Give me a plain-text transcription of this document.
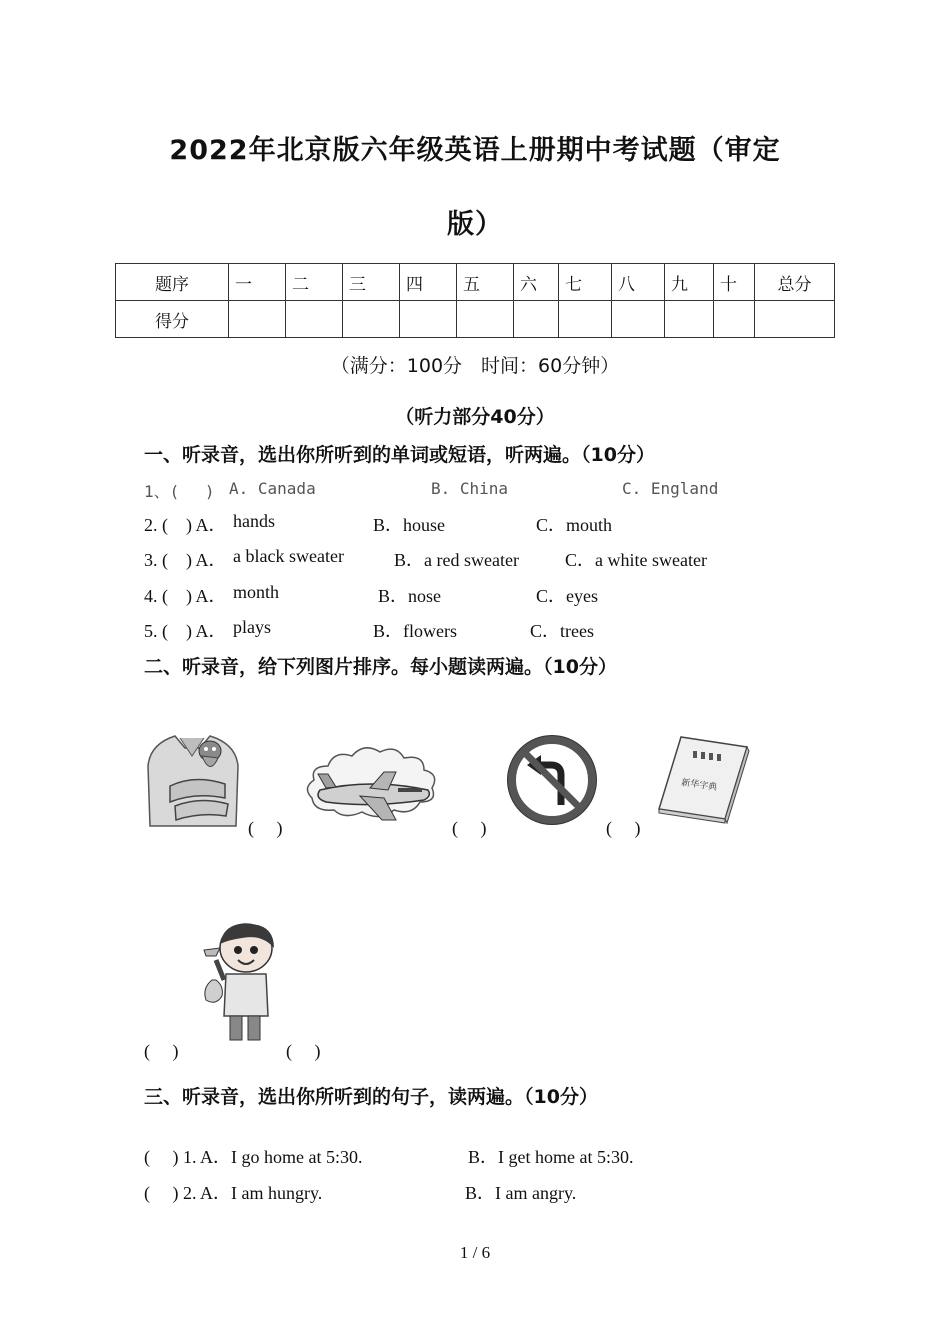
2022年北京版六年级英语上册期中考试题（审定
版）
题序	一	二	三	四	五	六	七	八	九	十	总分
得分											
（满分：100分　时间：60分钟）
（听力部分40分）
一、听录音，选出你所听到的单词或短语，听两遍。（10分）
1、(　 ) A. Canada	B. China	C. England
2. (　) A． hands	B．house	C．mouth
3. (　) A． a black sweater	B．a red sweater	C．a white sweater
4. (　) A． month	B．nose	C．eyes
5. (　) A． plays	B．flowers	C．trees
二、听录音，给下列图片排序。每小题读两遍。（10分）
(　 )	(　 )	(　 )
新华字典
(　 )	(　 )
三、听录音，选出你所听到的句子，读两遍。（10分）
(　 ) 1. A．I go home at 5:30.	B．I get home at 5:30.
(　 ) 2. A．I am hungry.	B．I am angry.
1 / 6
